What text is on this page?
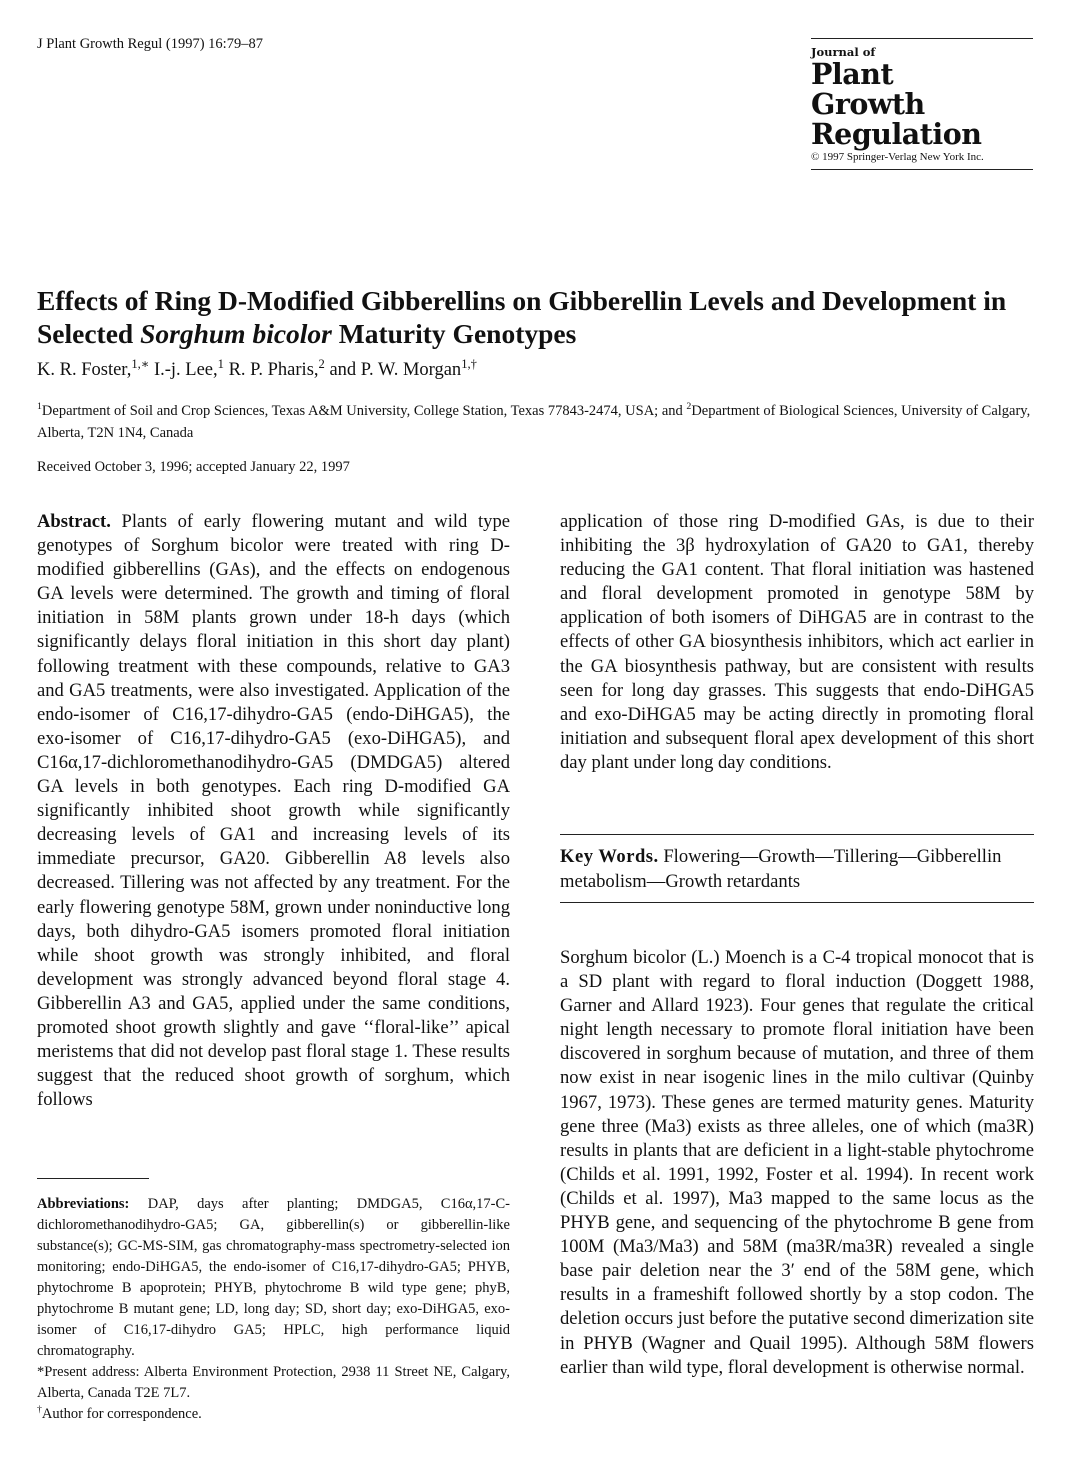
J Plant Growth Regul (1997) 16:79–87	Journal of
Plant
Growth
Regulation
© 1997 Springer-Verlag New York Inc.
Effects of Ring D-Modified Gibberellins on Gibberellin Levels and Development in Selected Sorghum bicolor Maturity Genotypes
K. R. Foster,$^{1,∗}$ I.-j. Lee,$^1$ R. P. Pharis,$^2$ and P. W. Morgan$^{1,\dagger}$
$^1$Department of Soil and Crop Sciences, Texas A&M University, College Station, Texas 77843-2474, USA; and $^2$Department of Biological Sciences, University of Calgary, Alberta, T2N 1N4, Canada
Received October 3, 1996; accepted January 22, 1997
Abstract. Plants of early flowering mutant and wild type genotypes of Sorghum bicolor were treated with ring D-modified gibberellins (GAs), and the effects on endogenous GA levels were determined. The growth and timing of floral initiation in 58M plants grown under 18-h days (which significantly delays floral initiation in this short day plant) following treatment with these compounds, relative to GA3 and GA5 treatments, were also investigated. Application of the endo-isomer of C16,17-dihydro-GA5 (endo-DiHGA5), the exo-isomer of C16,17-dihydro-GA5 (exo-DiHGA5), and C16α,17-dichloromethanodihydro-GA5 (DMDGA5) altered GA levels in both genotypes. Each ring D-modified GA significantly inhibited shoot growth while significantly decreasing levels of GA1 and increasing levels of its immediate precursor, GA20. Gibberellin A8 levels also decreased. Tillering was not affected by any treatment. For the early flowering genotype 58M, grown under noninductive long days, both dihydro-GA5 isomers promoted floral initiation while shoot growth was strongly inhibited, and floral development was strongly advanced beyond floral stage 4. Gibberellin A3 and GA5, applied under the same conditions, promoted shoot growth slightly and gave ‘‘floral-like’’ apical meristems that did not develop past floral stage 1. These results suggest that the reduced shoot growth of sorghum, which follows
application of those ring D-modified GAs, is due to their inhibiting the 3β hydroxylation of GA20 to GA1, thereby reducing the GA1 content. That floral initiation was hastened and floral development promoted in genotype 58M by application of both isomers of DiHGA5 are in contrast to the effects of other GA biosynthesis inhibitors, which act earlier in the GA biosynthesis pathway, but are consistent with results seen for long day grasses. This suggests that endo-DiHGA5 and exo-DiHGA5 may be acting directly in promoting floral initiation and subsequent floral apex development of this short day plant under long day conditions.
Key Words. Flowering—Growth—Tillering—Gibberellin metabolism—Growth retardants
Sorghum bicolor (L.) Moench is a C-4 tropical monocot that is a SD plant with regard to floral induction (Doggett 1988, Garner and Allard 1923). Four genes that regulate the critical night length necessary to promote floral initiation have been discovered in sorghum because of mutation, and three of them now exist in near isogenic lines in the milo cultivar (Quinby 1967, 1973). These genes are termed maturity genes. Maturity gene three (Ma3) exists as three alleles, one of which (ma3R) results in plants that are deficient in a light-stable phytochrome (Childs et al. 1991, 1992, Foster et al. 1994). In recent work (Childs et al. 1997), Ma3 mapped to the same locus as the PHYB gene, and sequencing of the phytochrome B gene from 100M (Ma3/Ma3) and 58M (ma3R/ma3R) revealed a single base pair deletion near the 3′ end of the 58M gene, which results in a frameshift followed shortly by a stop codon. The deletion occurs just before the putative second dimerization site in PHYB (Wagner and Quail 1995). Although 58M flowers earlier than wild type, floral development is otherwise normal.
Abbreviations: DAP, days after planting; DMDGA5, C16α,17-C-dichloromethanodihydro-GA5; GA, gibberellin(s) or gibberellin-like substance(s); GC-MS-SIM, gas chromatography-mass spectrometry-selected ion monitoring; endo-DiHGA5, the endo-isomer of C16,17-dihydro-GA5; PHYB, phytochrome B apoprotein; PHYB, phytochrome B wild type gene; phyB, phytochrome B mutant gene; LD, long day; SD, short day; exo-DiHGA5, exo-isomer of C16,17-dihydro GA5; HPLC, high performance liquid chromatography.
*Present address: Alberta Environment Protection, 2938 11 Street NE, Calgary, Alberta, Canada T2E 7L7.
†Author for correspondence.
